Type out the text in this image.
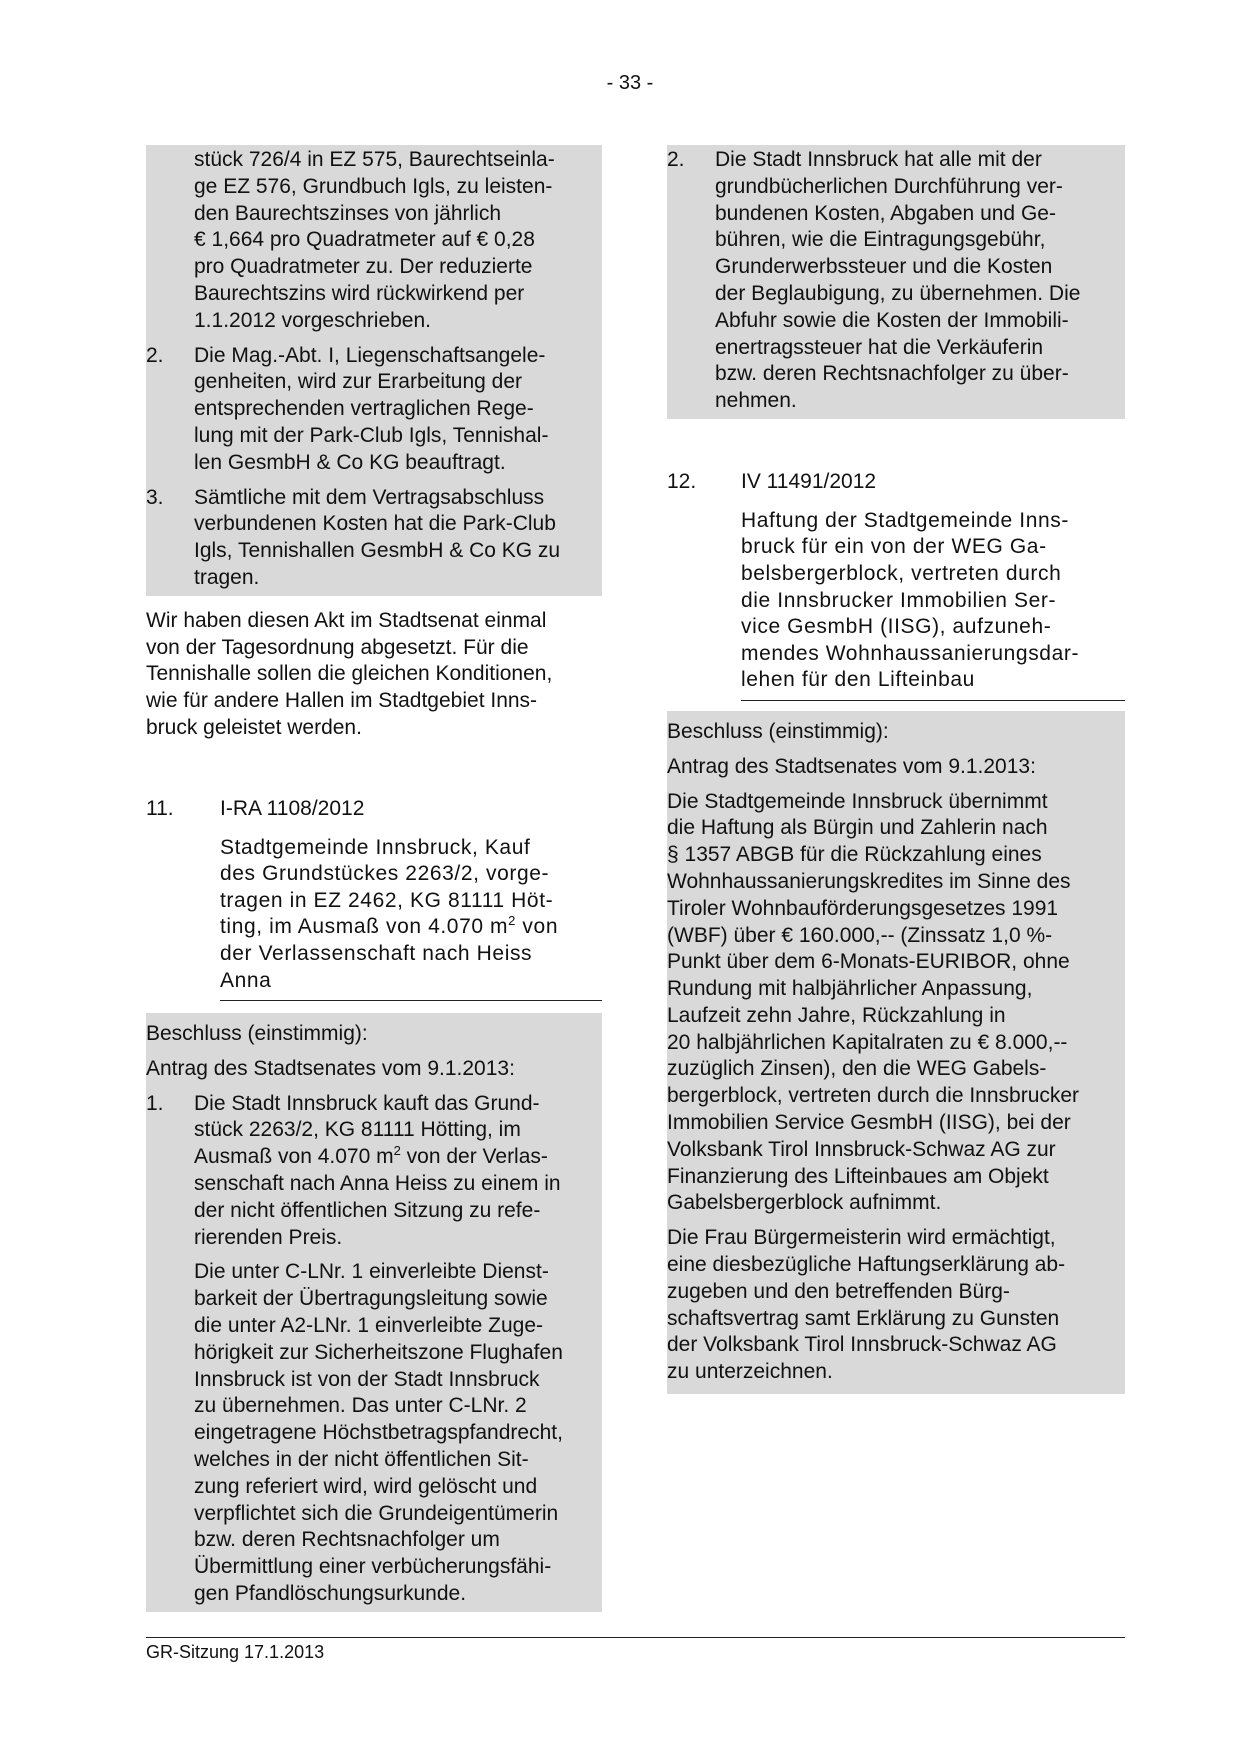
- 33 -
stück 726/4 in EZ 575, Baurechtseinla-
ge EZ 576, Grundbuch Igls, zu leisten-
den Baurechtszinses von jährlich
€ 1,664 pro Quadratmeter auf € 0,28
pro Quadratmeter zu. Der reduzierte
Baurechtszins wird rückwirkend per
1.1.2012 vorgeschrieben.
2.	Die Mag.-Abt. I, Liegenschaftsangele-
genheiten, wird zur Erarbeitung der
entsprechenden vertraglichen Rege-
lung mit der Park-Club Igls, Tennishal-
len GesmbH & Co KG beauftragt.
3.	Sämtliche mit dem Vertragsabschluss
verbundenen Kosten hat die Park-Club
Igls, Tennishallen GesmbH & Co KG zu
tragen.
Wir haben diesen Akt im Stadtsenat einmal
von der Tagesordnung abgesetzt. Für die
Tennishalle sollen die gleichen Konditionen,
wie für andere Hallen im Stadtgebiet Inns-
bruck geleistet werden.
11.	I-RA 1108/2012
Stadtgemeinde Innsbruck, Kauf
des Grundstückes 2263/2, vorge-
tragen in EZ 2462, KG 81111 Höt-
ting, im Ausmaß von 4.070 $m^2$ von
der Verlassenschaft nach Heiss
Anna
Beschluss (einstimmig):
Antrag des Stadtsenates vom 9.1.2013:
1.	Die Stadt Innsbruck kauft das Grund-
stück 2263/2, KG 81111 Hötting, im
Ausmaß von 4.070 $m^2$ von der Verlas-
senschaft nach Anna Heiss zu einem in
der nicht öffentlichen Sitzung zu refe-
rierenden Preis.
Die unter C-LNr. 1 einverleibte Dienst-
barkeit der Übertragungsleitung sowie
die unter A2-LNr. 1 einverleibte Zuge-
hörigkeit zur Sicherheitszone Flughafen
Innsbruck ist von der Stadt Innsbruck
zu übernehmen. Das unter C-LNr. 2
eingetragene Höchstbetragspfandrecht,
welches in der nicht öffentlichen Sit-
zung referiert wird, wird gelöscht und
verpflichtet sich die Grundeigentümerin
bzw. deren Rechtsnachfolger um
Übermittlung einer verbücherungsfähi-
gen Pfandlöschungsurkunde.
2.	Die Stadt Innsbruck hat alle mit der
grundbücherlichen Durchführung ver-
bundenen Kosten, Abgaben und Ge-
bühren, wie die Eintragungsgebühr,
Grunderwerbssteuer und die Kosten
der Beglaubigung, zu übernehmen. Die
Abfuhr sowie die Kosten der Immobili-
enertragssteuer hat die Verkäuferin
bzw. deren Rechtsnachfolger zu über-
nehmen.
12.	IV 11491/2012
Haftung der Stadtgemeinde Inns-
bruck für ein von der WEG Ga-
belsbergerblock, vertreten durch
die Innsbrucker Immobilien Ser-
vice GesmbH (IISG), aufzuneh-
mendes Wohnhaussanierungsdar-
lehen für den Lifteinbau
Beschluss (einstimmig):
Antrag des Stadtsenates vom 9.1.2013:
Die Stadtgemeinde Innsbruck übernimmt
die Haftung als Bürgin und Zahlerin nach
§ 1357 ABGB für die Rückzahlung eines
Wohnhaussanierungskredites im Sinne des
Tiroler Wohnbauförderungsgesetzes 1991
(WBF) über € 160.000,-- (Zinssatz 1,0 %-
Punkt über dem 6-Monats-EURIBOR, ohne
Rundung mit halbjährlicher Anpassung,
Laufzeit zehn Jahre, Rückzahlung in
20 halbjährlichen Kapitalraten zu € 8.000,--
zuzüglich Zinsen), den die WEG Gabels-
bergerblock, vertreten durch die Innsbrucker
Immobilien Service GesmbH (IISG), bei der
Volksbank Tirol Innsbruck-Schwaz AG zur
Finanzierung des Lifteinbaues am Objekt
Gabelsbergerblock aufnimmt.
Die Frau Bürgermeisterin wird ermächtigt,
eine diesbezügliche Haftungserklärung ab-
zugeben und den betreffenden Bürg-
schaftsvertrag samt Erklärung zu Gunsten
der Volksbank Tirol Innsbruck-Schwaz AG
zu unterzeichnen.
GR-Sitzung 17.1.2013
